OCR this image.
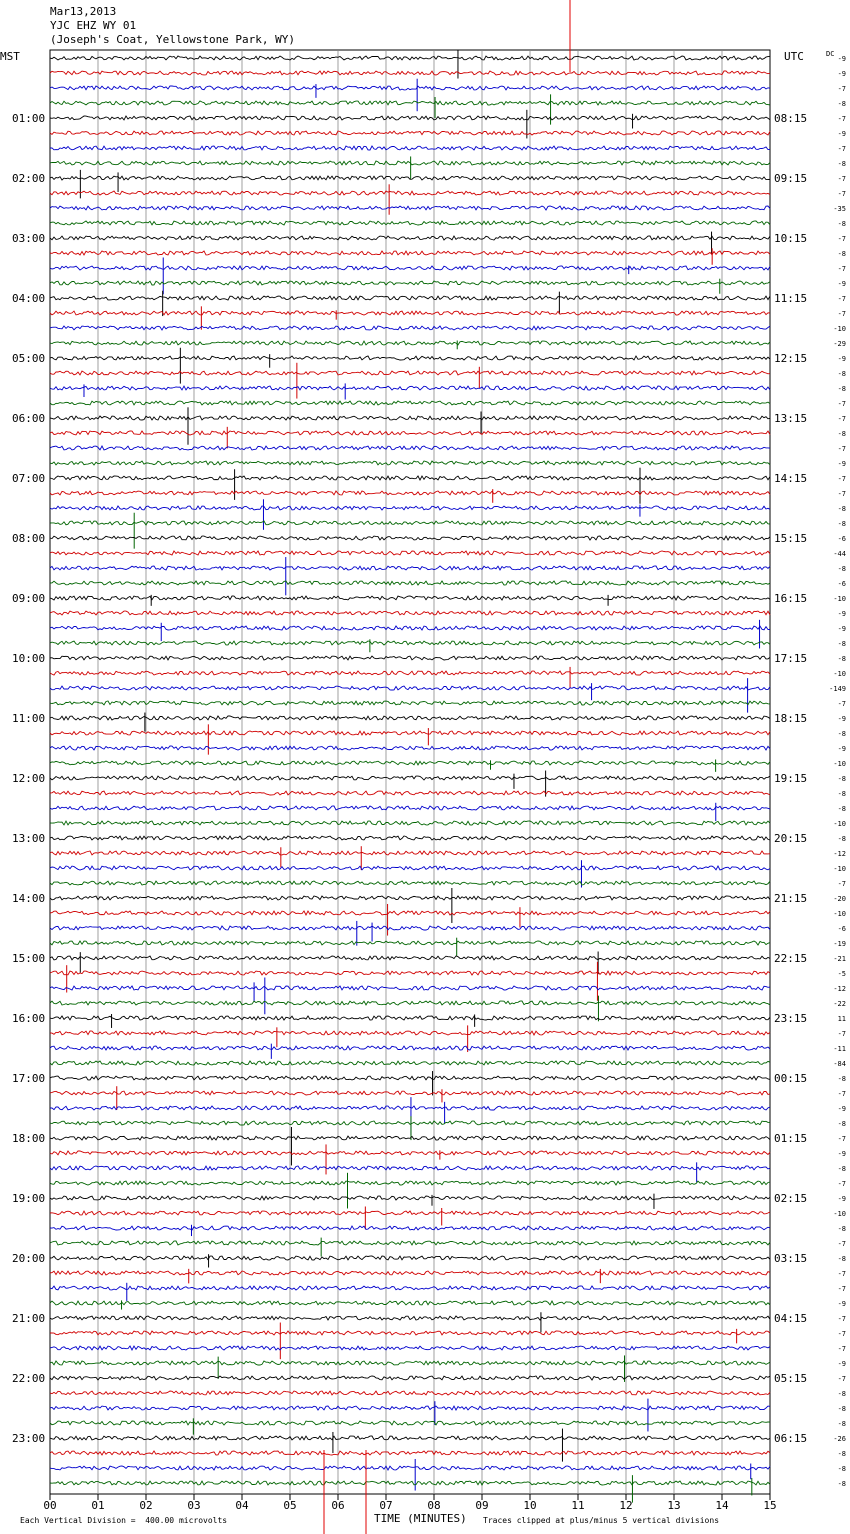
Mar13,2013
YJC EHZ WY 01
(Joseph's Coat, Yellowstone Park, WY)
MST	UTC	DC
00	01	02	03	04	05	06	07	08	09	10	11	12	13	14	15
-9
-9
-7
-8
-7
-9
-7
-8
-7
-7
-35
-8
-7
-8
-7
-9
-7
-7
-10
-29
-9
-8
-8
-7
-7
-8
-7
-9
-7
-7
-8
-8
-6
-44
-8
-6
-10
-9
-9
-8
-8
-10
-149
-7
-9
-8
-9
-10
-8
-8
-8
-10
-8
-12
-10
-7
-20
-10
-6
-19
-21
-5
-12
-22
11
-7
-11
-84
-8
-7
-9
-8
-7
-9
-8
-7
-9
-10
-8
-7
-8
-7
-7
-9
-7
-7
-7
-9
-7
-8
-8
-8
-26
-8
-8
-8
01:00	08:15
02:00	09:15
03:00	10:15
04:00	11:15
05:00	12:15
06:00	13:15
07:00	14:15
08:00	15:15
09:00	16:15
10:00	17:15
11:00	18:15
12:00	19:15
13:00	20:15
14:00	21:15
15:00	22:15
16:00	23:15
17:00	00:15
18:00	01:15
19:00	02:15
20:00	03:15
21:00	04:15
22:00	05:15
23:00	06:15
Each Vertical Division =  400.00 microvolts	TIME (MINUTES) Traces clipped at plus/minus 5 vertical divisions
